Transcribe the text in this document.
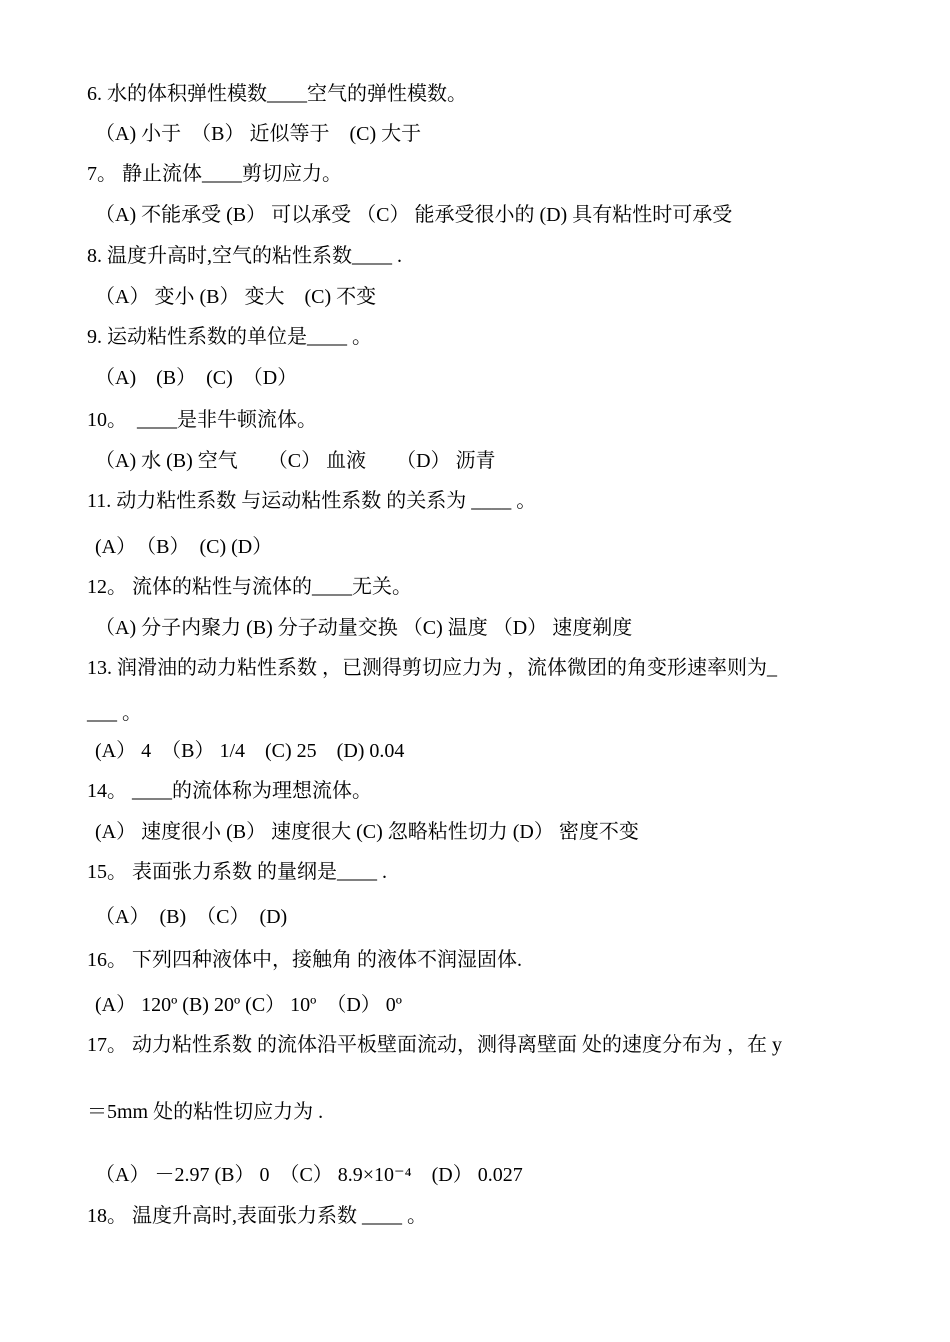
6. 水的体积弹性模数____空气的弹性模数。
（A) 小于　（B） 近似等于　(C) 大于
7。 静止流体____剪切应力。
（A) 不能承受 (B） 可以承受 （C） 能承受很小的 (D) 具有粘性时可承受
8. 温度升高时,空气的粘性系数____ .
（A） 变小 (B） 变大　(C) 不变
9. 运动粘性系数的单位是____ 。
（A)　(B）　(C)　（D）
10。　____是非牛顿流体。
（A) 水 (B) 空气　　（C） 血液　　（D） 沥青
11. 动力粘性系数 与运动粘性系数 的关系为 ____ 。
(A）　（B）　(C) (D）
12。 流体的粘性与流体的____无关。
（A) 分子内聚力 (B) 分子动量交换 （C) 温度 （D） 速度剃度
13. 润滑油的动力粘性系数 ，已测得剪切应力为 ，流体微团的角变形速率则为_
___ 。
(A） 4　（B） 1/4　(C) 25　(D) 0.04
14。 ____的流体称为理想流体。
(A） 速度很小 (B） 速度很大 (C) 忽略粘性切力 (D） 密度不变
15。 表面张力系数 的量纲是____ .
（A）　(B)　（C）　(D)
16。 下列四种液体中，接触角 的液体不润湿固体.
(A） 120º (B) 20º (C） 10º　（D） 0º
17。 动力粘性系数 的流体沿平板壁面流动，测得离壁面 处的速度分布为 ，在 y
＝5mm 处的粘性切应力为 .
（A） －2.97 (B） 0　（C） 8.9×10⁻⁴　(D） 0.027
18。 温度升高时,表面张力系数 ____ 。
